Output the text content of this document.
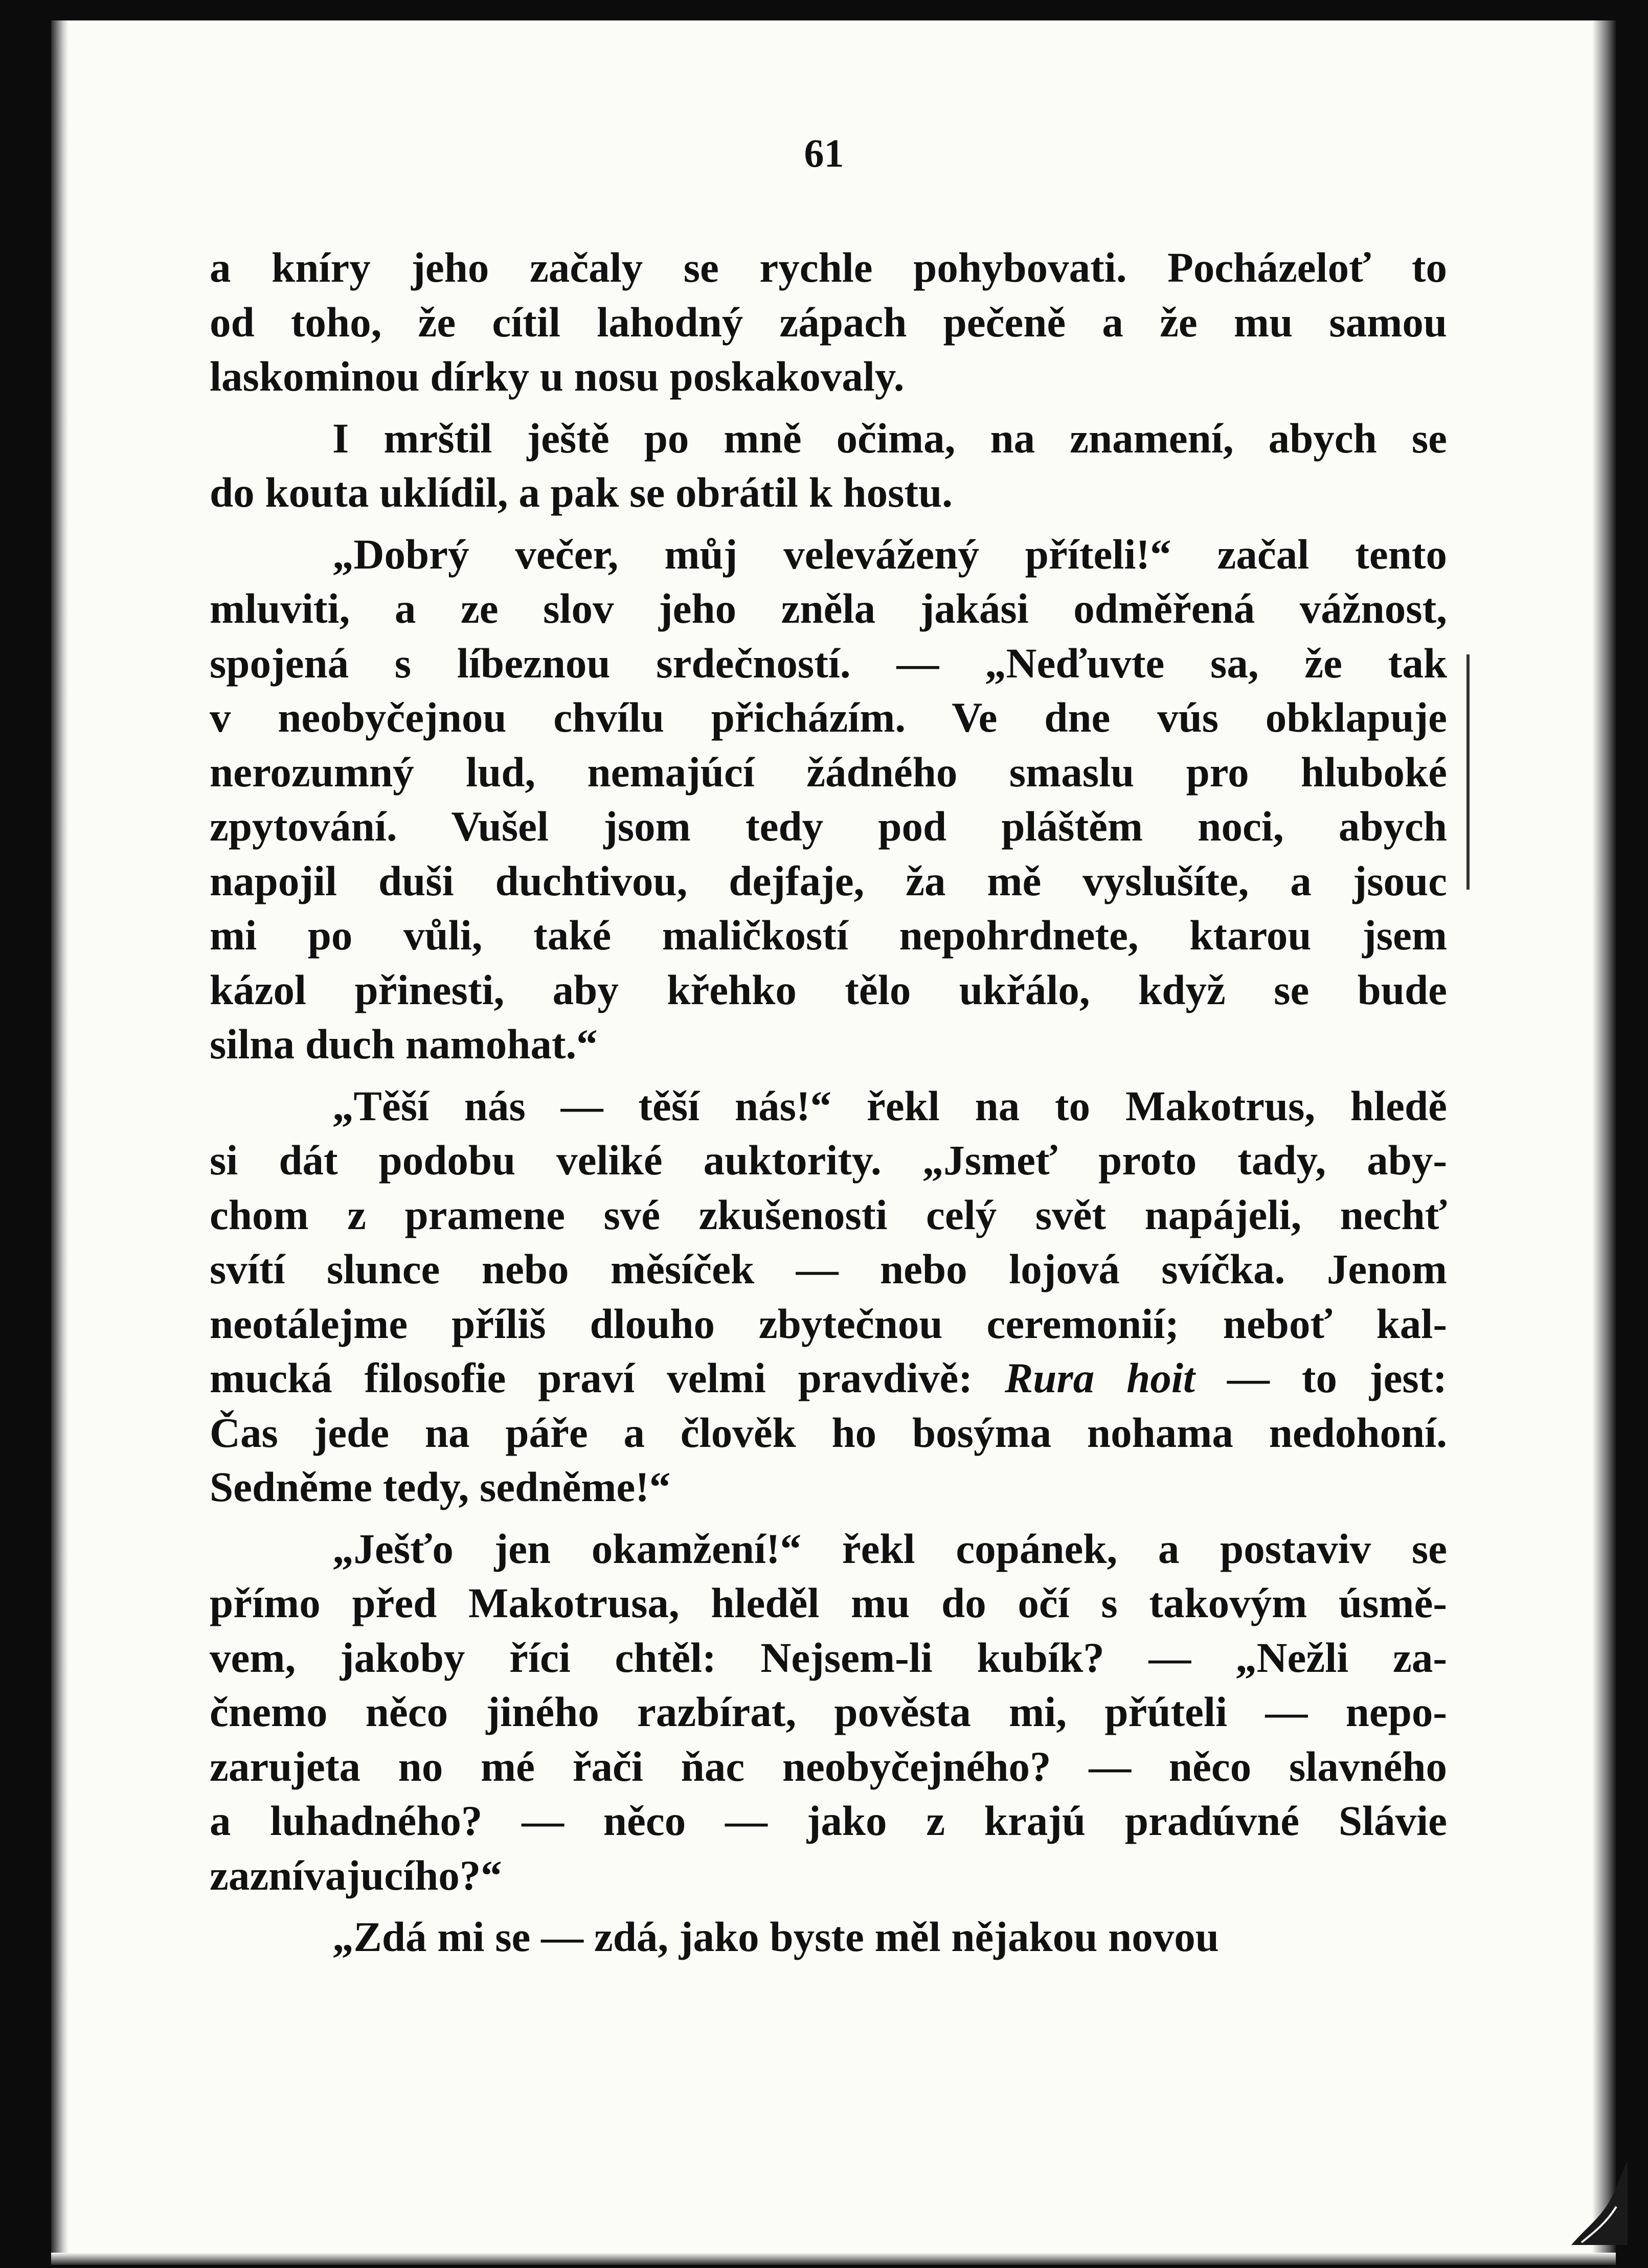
61
a kníry jeho začaly se rychle pohybovati. Pocházeloť to
od toho, že cítil lahodný zápach pečeně a že mu samou
laskominou dírky u nosu poskakovaly.
I mrštil ještě po mně očima, na znamení, abych se
do kouta uklídil, a pak se obrátil k hostu.
„Dobrý večer, můj velevážený příteli!“ začal tento
mluviti, a ze slov jeho zněla jakási odměřená vážnost,
spojená s líbeznou srdečností. — „Neďuvte sa, že tak
v neobyčejnou chvílu přicházím. Ve dne vús obklapuje
nerozumný lud, nemajúcí žádného smaslu pro hluboké
zpytování. Vušel jsom tedy pod pláštěm noci, abych
napojil duši duchtivou, dejfaje, ža mě vyslušíte, a jsouc
mi po vůli, také maličkostí nepohrdnete, ktarou jsem
kázol přinesti, aby křehko tělo ukřálo, když se bude
silna duch namohat.“
„Těší nás — těší nás!“ řekl na to Makotrus, hledě
si dát podobu veliké auktority. „Jsmeť proto tady, aby-
chom z pramene své zkušenosti celý svět napájeli, nechť
svítí slunce nebo měsíček — nebo lojová svíčka. Jenom
neotálejme příliš dlouho zbytečnou ceremonií; neboť kal-
mucká filosofie praví velmi pravdivě: Rura hoit — to jest:
Čas jede na páře a člověk ho bosýma nohama nedohoní.
Sedněme tedy, sedněme!“
„Ješťo jen okamžení!“ řekl copánek, a postaviv se
přímo před Makotrusa, hleděl mu do očí s takovým úsmě-
vem, jakoby říci chtěl: Nejsem-li kubík? — „Nežli za-
čnemo něco jiného razbírat, pověsta mi, přúteli — nepo-
zarujeta no mé řači ňac neobyčejného? — něco slavného
a luhadného? — něco — jako z krajú pradúvné Slávie
zaznívajucího?“
„Zdá mi se — zdá, jako byste měl nějakou novou
